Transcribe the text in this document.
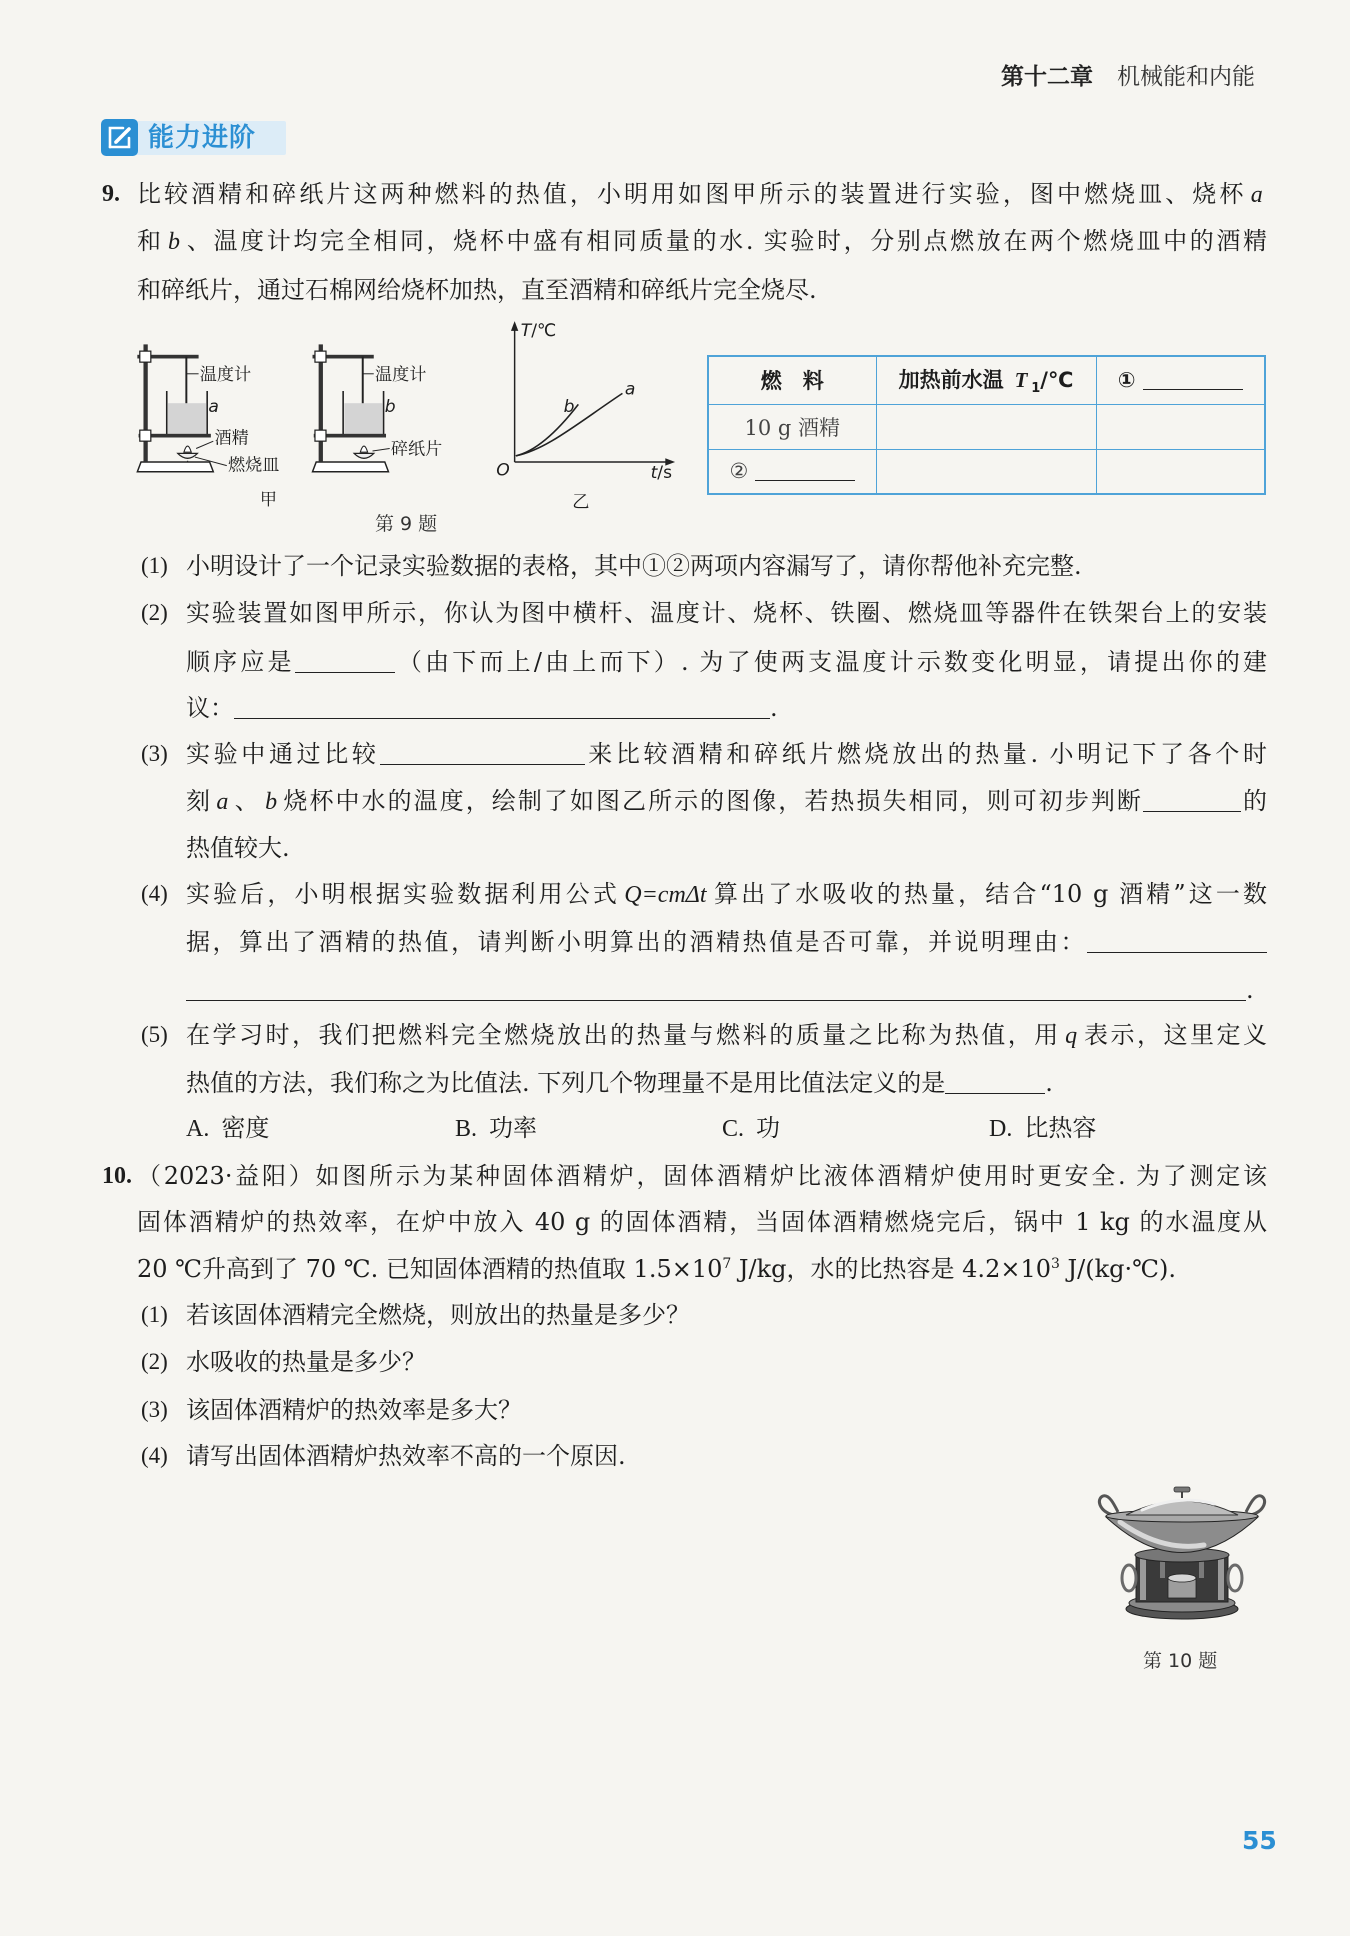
第十二章 机械能和内能
能力进阶
9. 比较酒精和碎纸片这两种燃料的热值，小明用如图甲所示的装置进行实验，图中燃烧皿、烧杯 a
和 b 、温度计均完全相同，烧杯中盛有相同质量的水. 实验时，分别点燃放在两个燃烧皿中的酒精
和碎纸片，通过石棉网给烧杯加热，直至酒精和碎纸片完全烧尽.
温度计
a
酒精
燃烧皿
温度计
b
碎纸片
甲
T/℃
t/s
O
b
a
乙
燃　料	加热前水温 T $_1$/℃	①
10 g 酒精		
②		
第 9 题
(1) 小明设计了一个记录实验数据的表格，其中①②两项内容漏写了，请你帮他补充完整.
(2) 实验装置如图甲所示，你认为图中横杆、温度计、烧杯、铁圈、燃烧皿等器件在铁架台上的安装
顺序应是	（由下而上/由上而下）. 为了使两支温度计示数变化明显，请提出你的建
议：	.
(3) 实验中通过比较	来比较酒精和碎纸片燃烧放出的热量. 小明记下了各个时
刻 a 、 b 烧杯中水的温度，绘制了如图乙所示的图像，若热损失相同，则可初步判断	的
热值较大.
(4) 实验后，小明根据实验数据利用公式 Q=cmΔt 算出了水吸收的热量，结合“10 g 酒精”这一数
据，算出了酒精的热值，请判断小明算出的酒精热值是否可靠，并说明理由：
.
(5) 在学习时，我们把燃料完全燃烧放出的热量与燃料的质量之比称为热值，用 q 表示，这里定义
热值的方法，我们称之为比值法. 下列几个物理量不是用比值法定义的是	.
A. 密度	B. 功率	C. 功	D. 比热容
10. （2023·益阳）如图所示为某种固体酒精炉，固体酒精炉比液体酒精炉使用时更安全. 为了测定该
固体酒精炉的热效率，在炉中放入 40 g 的固体酒精，当固体酒精燃烧完后，锅中 1 kg 的水温度从
20 ℃升高到了 70 ℃. 已知固体酒精的热值取 $1.5\times 10^7$ J/kg，水的比热容是 $4.2\times 10^3$ J/(kg·℃).
(1) 若该固体酒精完全燃烧，则放出的热量是多少？
(2) 水吸收的热量是多少？
(3) 该固体酒精炉的热效率是多大？
(4) 请写出固体酒精炉热效率不高的一个原因.
第 10 题
55
